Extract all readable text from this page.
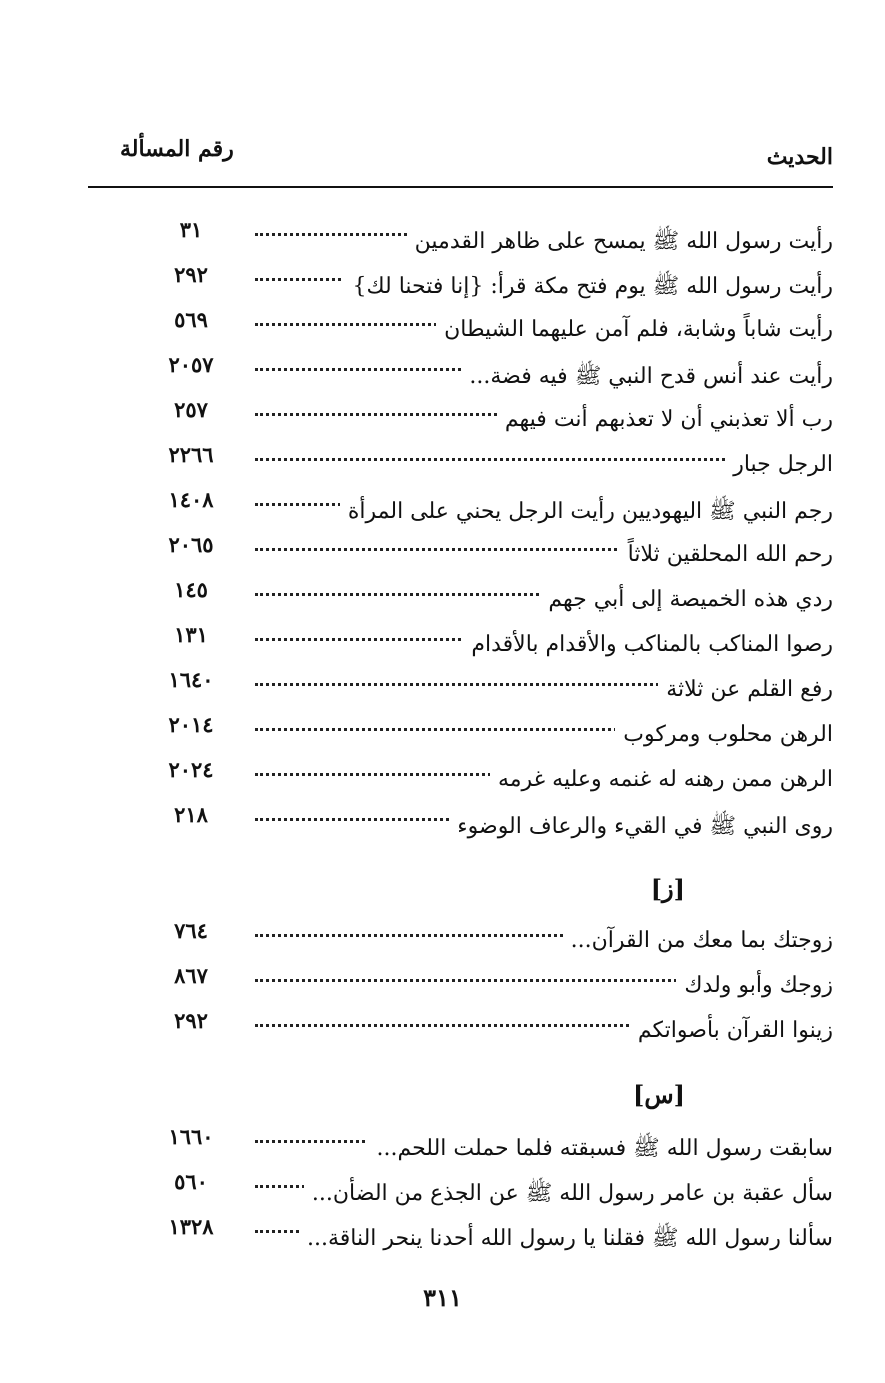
الحديث
رقم المسألة
رأيت رسول الله ﷺ يمسح على ظاهر القدمين
٣١
رأيت رسول الله ﷺ يوم فتح مكة قرأ: {إنا فتحنا لك}
٢٩٢
رأيت شاباً وشابة، فلم آمن عليهما الشيطان
٥٦٩
رأيت عند أنس قدح النبي ﷺ فيه فضة...
٢٠٥٧
رب ألا تعذبني أن لا تعذبهم أنت فيهم
٢٥٧
الرجل جبار
٢٢٦٦
رجم النبي ﷺ اليهوديين رأيت الرجل يحني على المرأة
١٤٠٨
رحم الله المحلقين ثلاثاً
٢٠٦٥
ردي هذه الخميصة إلى أبي جهم
١٤٥
رصوا المناكب بالمناكب والأقدام بالأقدام
١٣١
رفع القلم عن ثلاثة
١٦٤٠
الرهن محلوب ومركوب
٢٠١٤
الرهن ممن رهنه له غنمه وعليه غرمه
٢٠٢٤
روى النبي ﷺ في القيء والرعاف الوضوء
٢١٨
[ز]
زوجتك بما معك من القرآن...
٧٦٤
زوجك وأبو ولدك
٨٦٧
زينوا القرآن بأصواتكم
٢٩٢
[س]
سابقت رسول الله ﷺ فسبقته فلما حملت اللحم...
١٦٦٠
سأل عقبة بن عامر رسول الله ﷺ عن الجذع من الضأن...
٥٦٠
سألنا رسول الله ﷺ فقلنا يا رسول الله أحدنا ينحر الناقة...
١٣٢٨
٣١١
